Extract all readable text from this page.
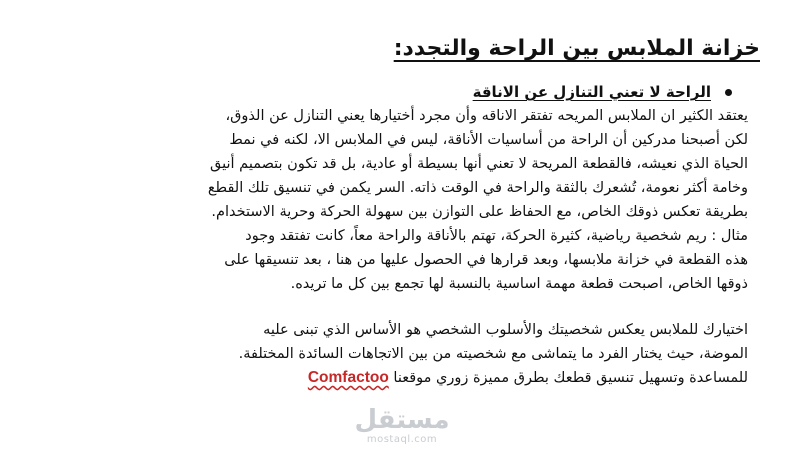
خزانة الملابس بين الراحة والتجدد:
الراحة لا تعني التنازل عن الاناقة
يعتقد الكثير ان الملابس المريحه تفتقر الاناقه وأن مجرد أختيارها يعني التنازل عن الذوق،
لكن أصبحنا مدركين أن الراحة من أساسيات الأناقة، ليس في الملابس الا، لكنه في نمط
الحياة الذي نعيشه، فالقطعة المريحة لا تعني أنها بسيطة أو عادية، بل قد تكون بتصميم أنيق
وخامة أكثر نعومة، تُشعرك بالثقة والراحة في الوقت ذاته. السر يكمن في تنسيق تلك القطع
بطريقة تعكس ذوقك الخاص، مع الحفاظ على التوازن بين سهولة الحركة وحرية الاستخدام.
مثال : ريم شخصية رياضية، كثيرة الحركة، تهتم بالأناقة والراحة معاً، كانت تفتقد وجود
هذه القطعة في خزانة ملابسها، وبعد قرارها في الحصول عليها من هنا ، بعد تنسيقها على
ذوقها الخاص، اصبحت قطعة مهمة اساسية بالنسبة لها تجمع بين كل ما تريده.
اختيارك للملابس يعكس شخصيتك والأسلوب الشخصي هو الأساس الذي تبنى عليه
الموضة، حيث يختار الفرد ما يتماشى مع شخصيته من بين الاتجاهات السائدة المختلفة.
للمساعدة وتسهيل تنسيق قطعك بطرق مميزة زوري موقعنا Comfactoo
مستقل
mostaql.com
